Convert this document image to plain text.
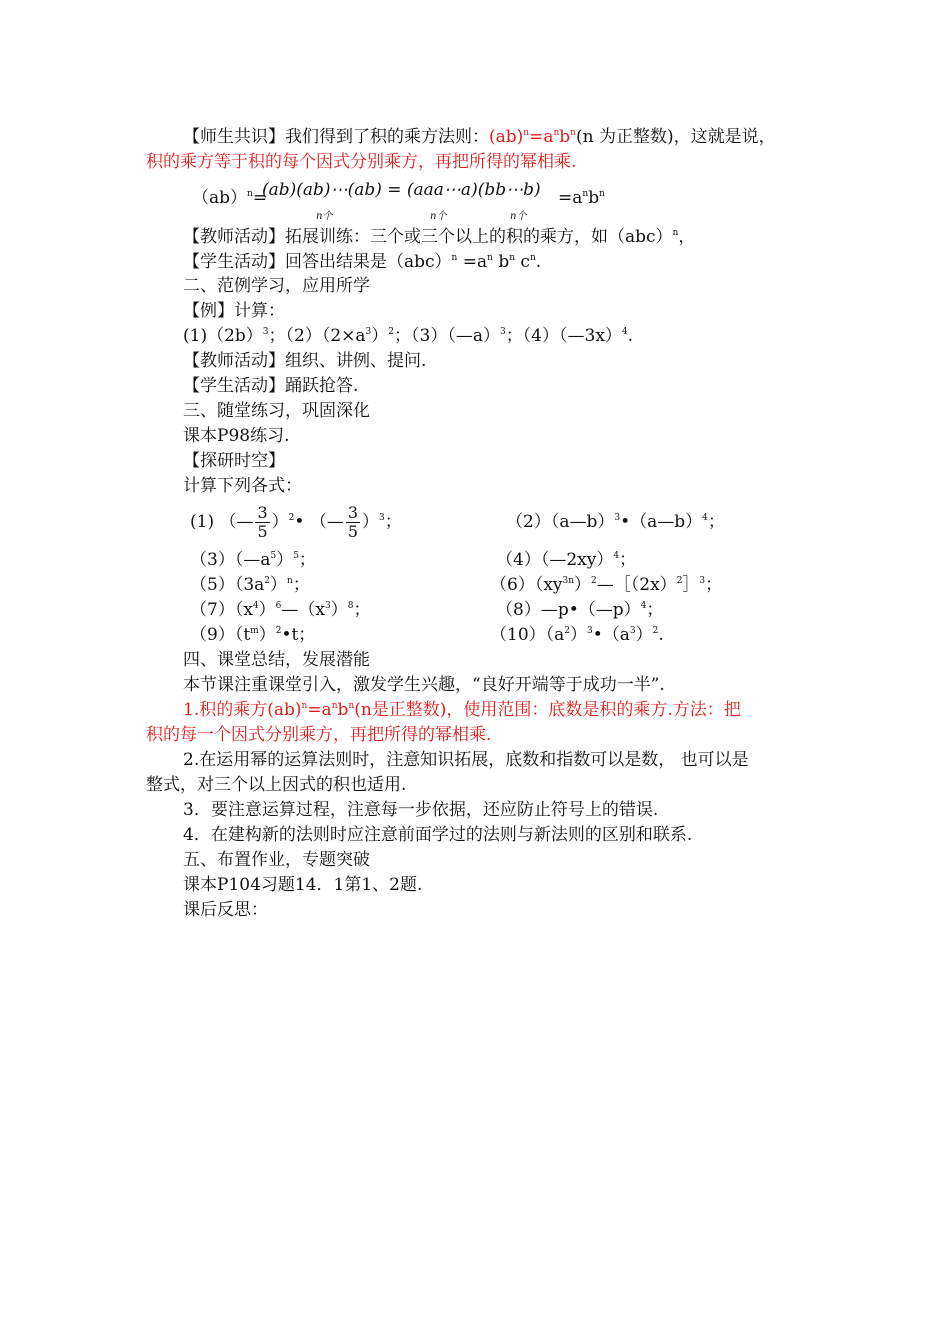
【师生共识】我们得到了积的乘方法则：$(ab)^n=a^nb^n(n$ 为正整数)，这就是说，
积的乘方等于积的每个因式分别乘方，再把所得的幂相乘.
（ab）$^n$=
(ab)(ab)⋯(ab) = (aaa⋯a)(bb⋯b)
n个	n个	n个
$=a^nb^n$
【教师活动】拓展训练：三个或三个以上的积的乘方，如（abc）$^n$，
【学生活动】回答出结果是$(abc)^n =a^n$ $b^n$ $c^n$.
二、范例学习，应用所学
【例】计算：
$(1)(2b)^3$；$(2)(2\times a^3)^2$；（3）（—a）$^3$；（4）（—3x）$^4$.
【教师活动】组织、讲例、提问.
【学生活动】踊跃抢答.
三、随堂练习，巩固深化
课本P98练习.
【探研时空】
计算下列各式：
(1) （— $\frac{3}{5}$ ）$^2$• （— $\frac{3}{5} )^3$；	（2）（a—b）$^3$•（a—b）$^4$；
$(3)(—a^5)^5$；	（4）（—2xy）$^4$；
$(5)(3a^2)^n$；	$(6)(xy^{3n})^2—[(2x)^2]^3$；
$(7)(x^4)^6—(x^3)^8$；	（8）—p•（—p）$^4$；
$(9)(t^m)^2•t$；	$(10)(a^2)^3•(a^3)^2$.
四、课堂总结，发展潜能
本节课注重课堂引入，激发学生兴趣，“良好开端等于成功一半”.
1.积的乘方$(ab)^n=a^nb^n(n$是正整数)，使用范围：底数是积的乘方.方法：把
积的每一个因式分别乘方，再把所得的幂相乘.
2.在运用幂的运算法则时，注意知识拓展，底数和指数可以是数， 也可以是
整式，对三个以上因式的积也适用.
3．要注意运算过程，注意每一步依据，还应防止符号上的错误.
4．在建构新的法则时应注意前面学过的法则与新法则的区别和联系.
五、布置作业，专题突破
课本P104习题14．1第1、2题.
课后反思：
